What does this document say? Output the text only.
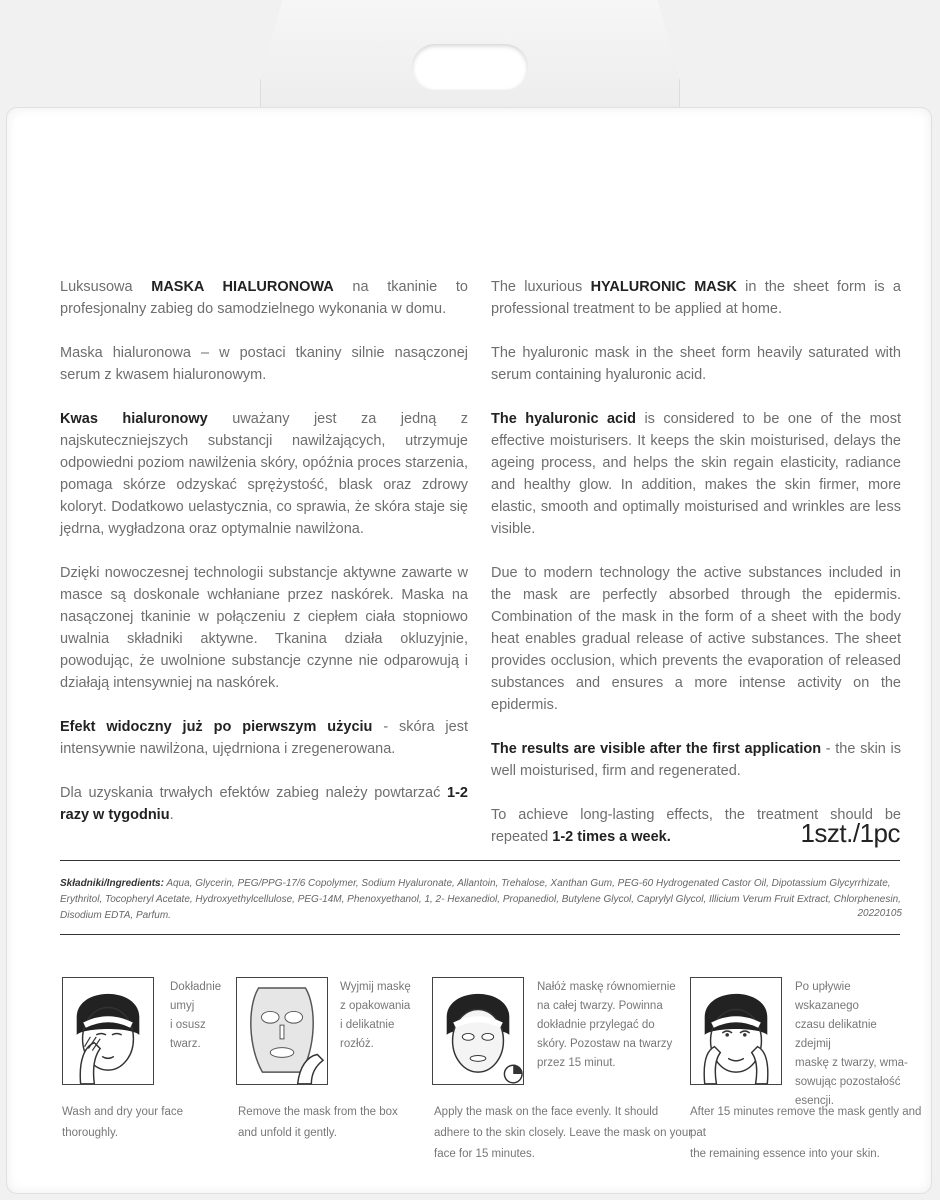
Luksusowa MASKA HIALURONOWA na tkaninie to profesjonalny zabieg do samodzielnego wykonania w domu.

Maska hialuronowa – w postaci tkaniny silnie nasączonej serum z kwasem hialuronowym.

Kwas hialuronowy uważany jest za jedną z najskuteczniejszych substancji nawilżających, utrzymuje odpowiedni poziom nawilżenia skóry, opóźnia proces starzenia, pomaga skórze odzyskać sprężystość, blask oraz zdrowy koloryt. Dodatkowo uelastycznia, co sprawia, że skóra staje się jędrna, wygładzona oraz optymalnie nawilżona.

Dzięki nowoczesnej technologii substancje aktywne zawarte w masce są doskonale wchłaniane przez naskórek. Maska na nasączonej tkaninie w połączeniu z ciepłem ciała stopniowo uwalnia składniki aktywne. Tkanina działa okluzyjnie, powodując, że uwolnione substancje czynne nie odparowują i działają intensywniej na naskórek.

Efekt widoczny już po pierwszym użyciu - skóra jest intensywnie nawilżona, ujędrniona i zregenerowana.

Dla uzyskania trwałych efektów zabieg należy powtarzać 1-2 razy w tygodniu.

The luxurious HYALURONIC MASK in the sheet form is a professional treatment to be applied at home.

The hyaluronic mask in the sheet form heavily saturated with serum containing hyaluronic acid.

The hyaluronic acid is considered to be one of the most effective moisturisers. It keeps the skin moisturised, delays the ageing process, and helps the skin regain elasticity, radiance and healthy glow. In addition, makes the skin firmer, more elastic, smooth and optimally moisturised and wrinkles are less visible.

Due to modern technology the active substances included in the mask are perfectly absorbed through the epidermis. Combination of the mask in the form of a sheet with the body heat enables gradual release of active substances. The sheet provides occlusion, which prevents the evaporation of released substances and ensures a more intense activity on the epidermis.

The results are visible after the first application - the skin is well moisturised, firm and regenerated.

To achieve long-lasting effects, the treatment should be repeated 1-2 times a week.	1szt./1pc
Składniki/Ingredients: Aqua, Glycerin, PEG/PPG-17/6 Copolymer, Sodium Hyaluronate, Allantoin, Trehalose, Xanthan Gum, PEG-60 Hydrogenated Castor Oil, Dipotassium Glycyrrhizate, Erythritol, Tocopheryl Acetate, Hydroxyethylcellulose, PEG-14M, Phenoxyethanol, 1, 2- Hexanediol, Propanediol, Butylene Glycol, Caprylyl Glycol, Illicium Verum Fruit Extract, Chlorphenesin, Disodium EDTA, Parfum.	20220105
Dokładnie
umyj
i osusz
twarz.
Wash and dry your face
thoroughly.
Wyjmij maskę
z opakowania
i delikatnie
rozłóż.
Remove the mask from the box
and unfold it gently.
Nałóż maskę równomiernie
na całej twarzy. Powinna
dokładnie przylegać do
skóry. Pozostaw na twarzy
przez 15 minut.
Apply the mask on the face evenly. It should
adhere to the skin closely. Leave the mask on your
face for 15 minutes.
Po upływie wskazanego
czasu delikatnie zdejmij
maskę z twarzy, wma-
sowując pozostałość
esencji.
After 15 minutes remove the mask gently and pat
the remaining essence into your skin.
